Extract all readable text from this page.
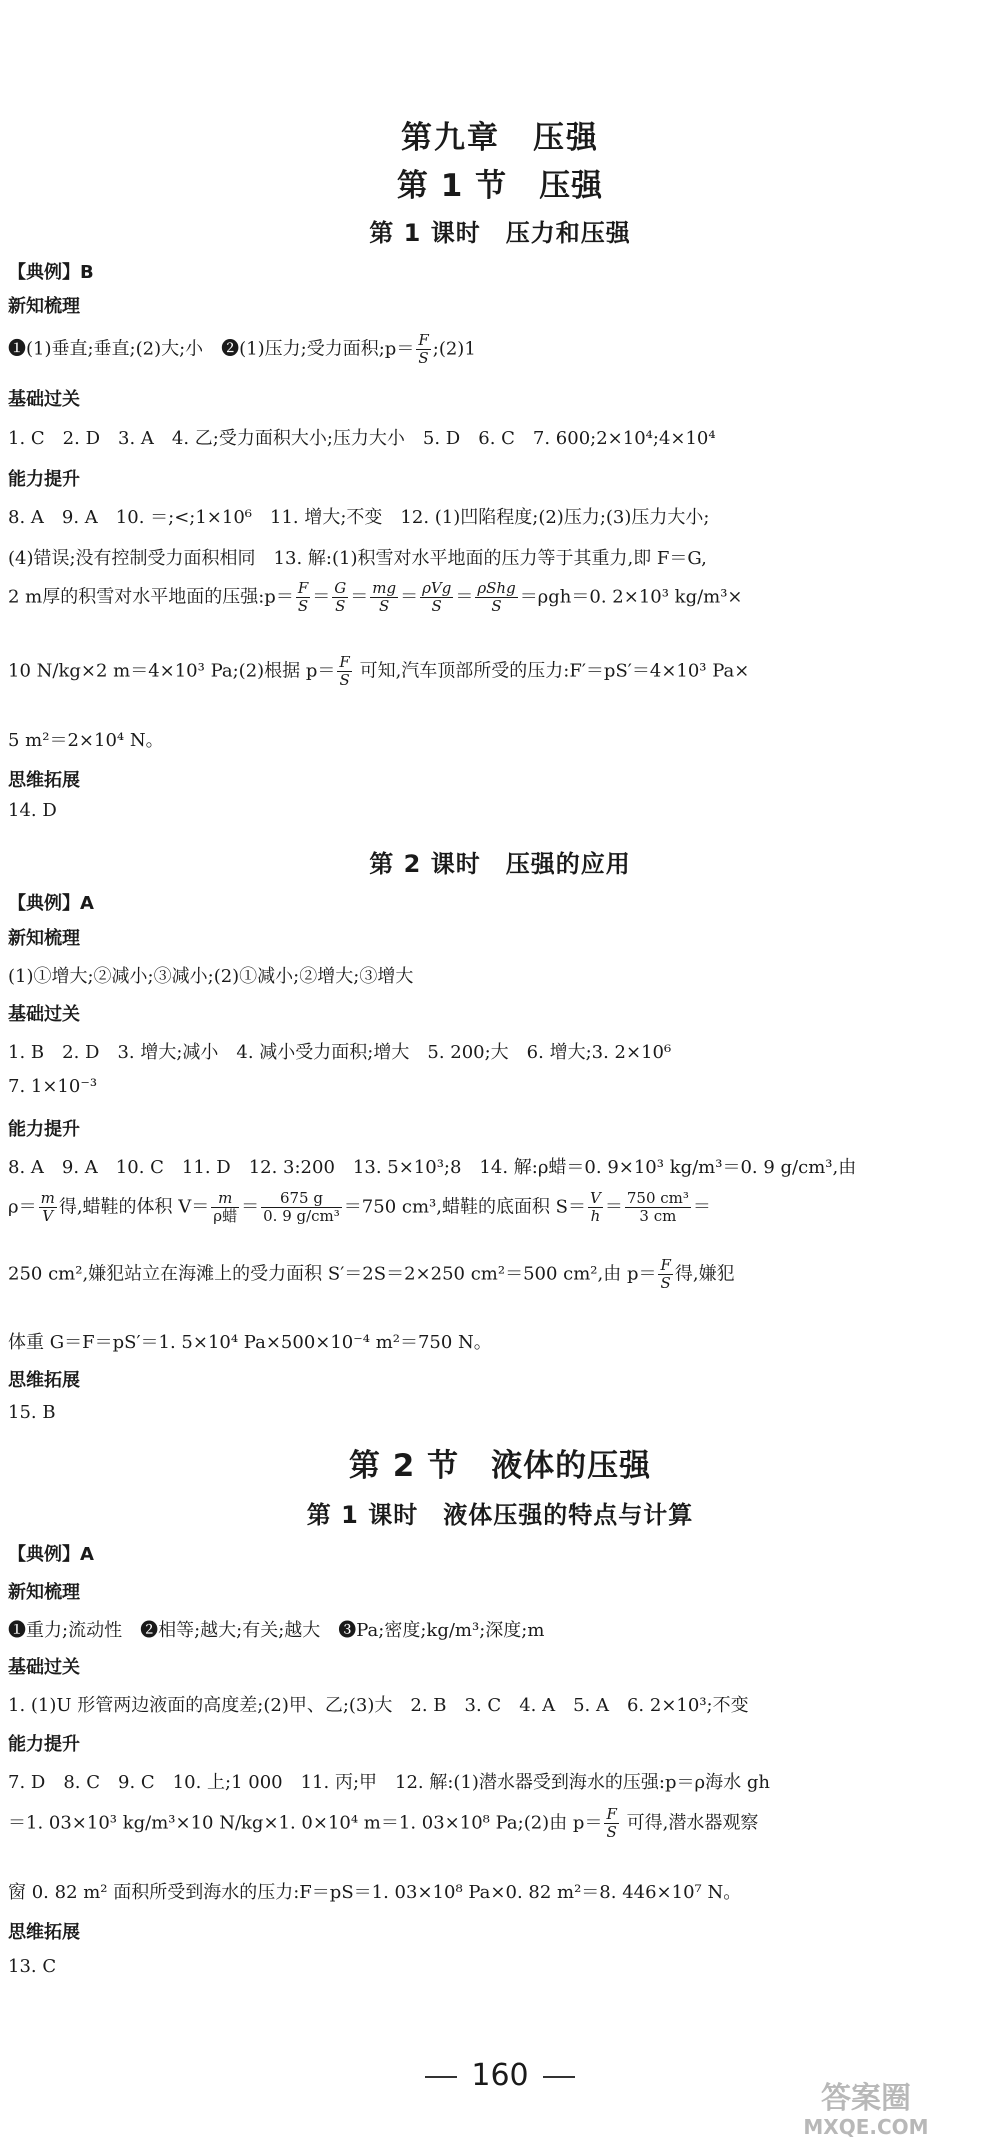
第九章　压强
第 1 节　压强
第 1 课时　压力和压强
【典例】B
新知梳理
❶(1)垂直;垂直;(2)大;小　❷(1)压力;受力面积;p＝ $\frac{F}{S}$ ;(2)1
基础过关
1. C　2. D　3. A　4. 乙;受力面积大小;压力大小　5. D　6. C　7. 600;2×10⁴;4×10⁴
能力提升
8. A　9. A　10. ＝;<;1×10⁶　11. 增大;不变　12. (1)凹陷程度;(2)压力;(3)压力大小;
(4)错误;没有控制受力面积相同　13. 解:(1)积雪对水平地面的压力等于其重力,即 F＝G,
2 m厚的积雪对水平地面的压强:p＝ $\frac{F}{S} = \frac{G}{S} = \frac{mg}{S} = \frac{\text{ρVg}}{S} = \frac{\text{ρShg}}{S} =\rho gh=0$. 2×10³ kg/m³×
10 N/kg×2 m＝4×10³ Pa;(2)根据 $p= \frac{F}{S}$ 可知,汽车顶部所受的压力:F′＝pS′＝4×10³ Pa×
5 m²＝2×10⁴ N。
思维拓展
14. D
第 2 课时　压强的应用
【典例】A
新知梳理
(1)①增大;②减小;③减小;(2)①减小;②增大;③增大
基础过关
1. B　2. D　3. 增大;减小　4. 减小受力面积;增大　5. 200;大　6. 增大;3. 2×10⁶
7. 1×10⁻³
能力提升
8. A　9. A　10. C　11. D　12. 3:200　13. 5×10³;8　14. 解:ρ蜡＝0. 9×10³ kg/m³＝0. 9 g/cm³,由
$\rho= \frac{m}{V}$ 得,蜡鞋的体积 $V= \frac{m}{\text{ρ蜡}} = \frac{675 g}{\text{0. 9 g/cm³}} =750$ cm³,蜡鞋的底面积 $S= \frac{V}{h} = \frac{\text{750 cm³}}{3 cm}$ ＝
250 cm²,嫌犯站立在海滩上的受力面积 S′＝2S＝2×250 cm²＝500 cm²,由 $p= \frac{F}{S}$ 得,嫌犯
体重 G＝F＝pS′＝1. 5×10⁴ Pa×500×10⁻⁴ m²＝750 N。
思维拓展
15. B
第 2 节　液体的压强
第 1 课时　液体压强的特点与计算
【典例】A
新知梳理
❶重力;流动性　❷相等;越大;有关;越大　❸Pa;密度;kg/m³;深度;m
基础过关
1. (1)U 形管两边液面的高度差;(2)甲、乙;(3)大　2. B　3. C　4. A　5. A　6. 2×10³;不变
能力提升
7. D　8. C　9. C　10. 上;1 000　11. 丙;甲　12. 解:(1)潜水器受到海水的压强:p＝ρ海水 gh
＝1. 03×10³ kg/m³×10 N/kg×1. 0×10⁴ m＝1. 03×10⁸ Pa;(2)由 $p= \frac{F}{S}$ 可得,潜水器观察
窗 0. 82 m² 面积所受到海水的压力:F＝pS＝1. 03×10⁸ Pa×0. 82 m²＝8. 446×10⁷ N。
思维拓展
13. C
160
答案圈
MXQE.COM
